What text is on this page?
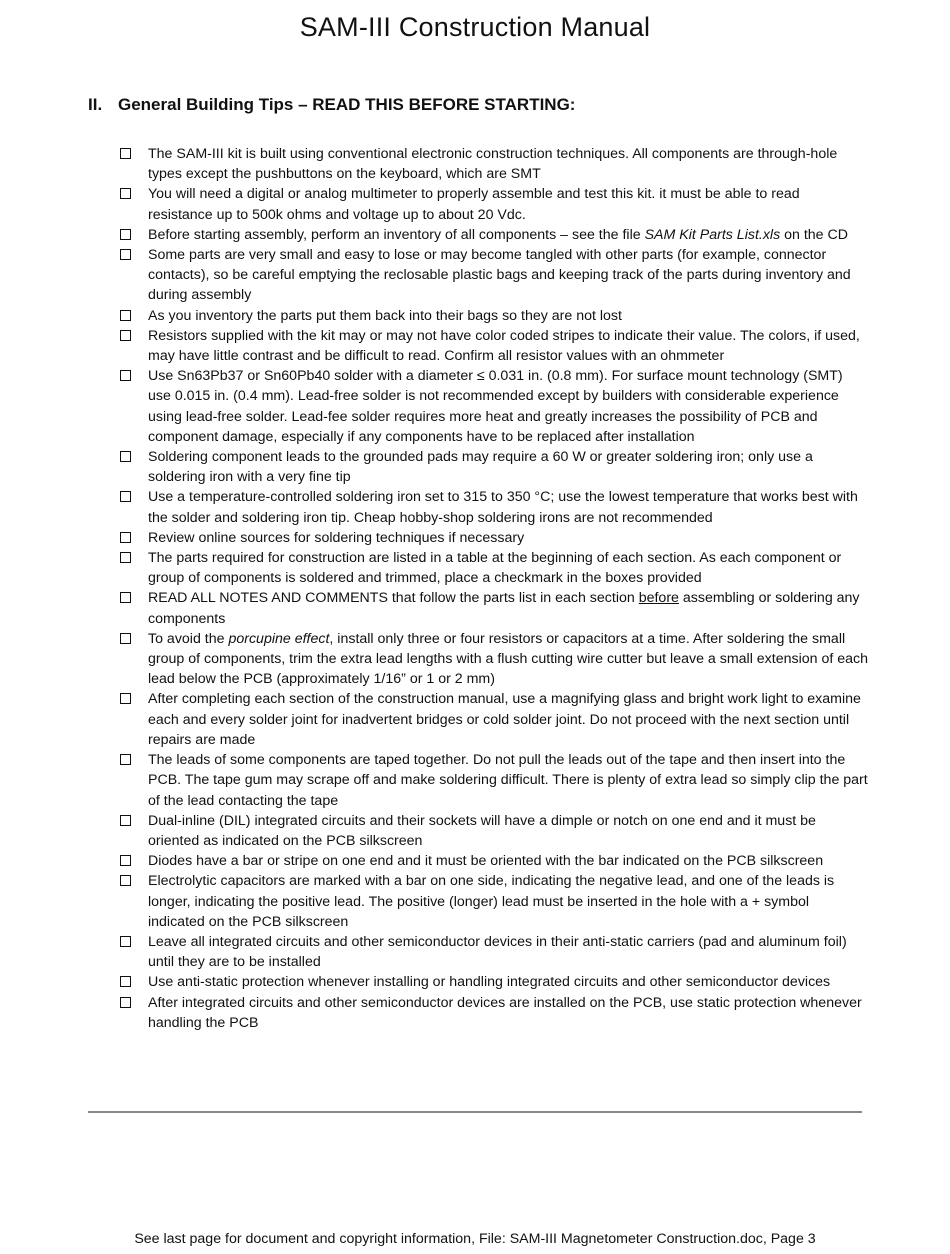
SAM-III Construction Manual
II. General Building Tips – READ THIS BEFORE STARTING:
The SAM-III kit is built using conventional electronic construction techniques. All components are through-hole types except the pushbuttons on the keyboard, which are SMT
You will need a digital or analog multimeter to properly assemble and test this kit. it must be able to read resistance up to 500k ohms and voltage up to about 20 Vdc.
Before starting assembly, perform an inventory of all components – see the file SAM Kit Parts List.xls on the CD
Some parts are very small and easy to lose or may become tangled with other parts (for example, connector contacts), so be careful emptying the reclosable plastic bags and keeping track of the parts during inventory and during assembly
As you inventory the parts put them back into their bags so they are not lost
Resistors supplied with the kit may or may not have color coded stripes to indicate their value. The colors, if used, may have little contrast and be difficult to read. Confirm all resistor values with an ohmmeter
Use Sn63Pb37 or Sn60Pb40 solder with a diameter ≤ 0.031 in. (0.8 mm). For surface mount technology (SMT) use 0.015 in. (0.4 mm). Lead-free solder is not recommended except by builders with considerable experience using lead-free solder. Lead-fee solder requires more heat and greatly increases the possibility of PCB and component damage, especially if any components have to be replaced after installation
Soldering component leads to the grounded pads may require a 60 W or greater soldering iron; only use a soldering iron with a very fine tip
Use a temperature-controlled soldering iron set to 315 to 350 °C; use the lowest temperature that works best with the solder and soldering iron tip. Cheap hobby-shop soldering irons are not recommended
Review online sources for soldering techniques if necessary
The parts required for construction are listed in a table at the beginning of each section. As each component or group of components is soldered and trimmed, place a checkmark in the boxes provided
READ ALL NOTES AND COMMENTS that follow the parts list in each section before assembling or soldering any components
To avoid the porcupine effect, install only three or four resistors or capacitors at a time. After soldering the small group of components, trim the extra lead lengths with a flush cutting wire cutter but leave a small extension of each lead below the PCB (approximately 1/16” or 1 or 2 mm)
After completing each section of the construction manual, use a magnifying glass and bright work light to examine each and every solder joint for inadvertent bridges or cold solder joint. Do not proceed with the next section until repairs are made
The leads of some components are taped together. Do not pull the leads out of the tape and then insert into the PCB. The tape gum may scrape off and make soldering difficult. There is plenty of extra lead so simply clip the part of the lead contacting the tape
Dual-inline (DIL) integrated circuits and their sockets will have a dimple or notch on one end and it must be oriented as indicated on the PCB silkscreen
Diodes have a bar or stripe on one end and it must be oriented with the bar indicated on the PCB silkscreen
Electrolytic capacitors are marked with a bar on one side, indicating the negative lead, and one of the leads is longer, indicating the positive lead. The positive (longer) lead must be inserted in the hole with a + symbol indicated on the PCB silkscreen
Leave all integrated circuits and other semiconductor devices in their anti-static carriers (pad and aluminum foil) until they are to be installed
Use anti-static protection whenever installing or handling integrated circuits and other semiconductor devices
After integrated circuits and other semiconductor devices are installed on the PCB, use static protection whenever handling the PCB
See last page for document and copyright information, File: SAM-III Magnetometer Construction.doc, Page 3
